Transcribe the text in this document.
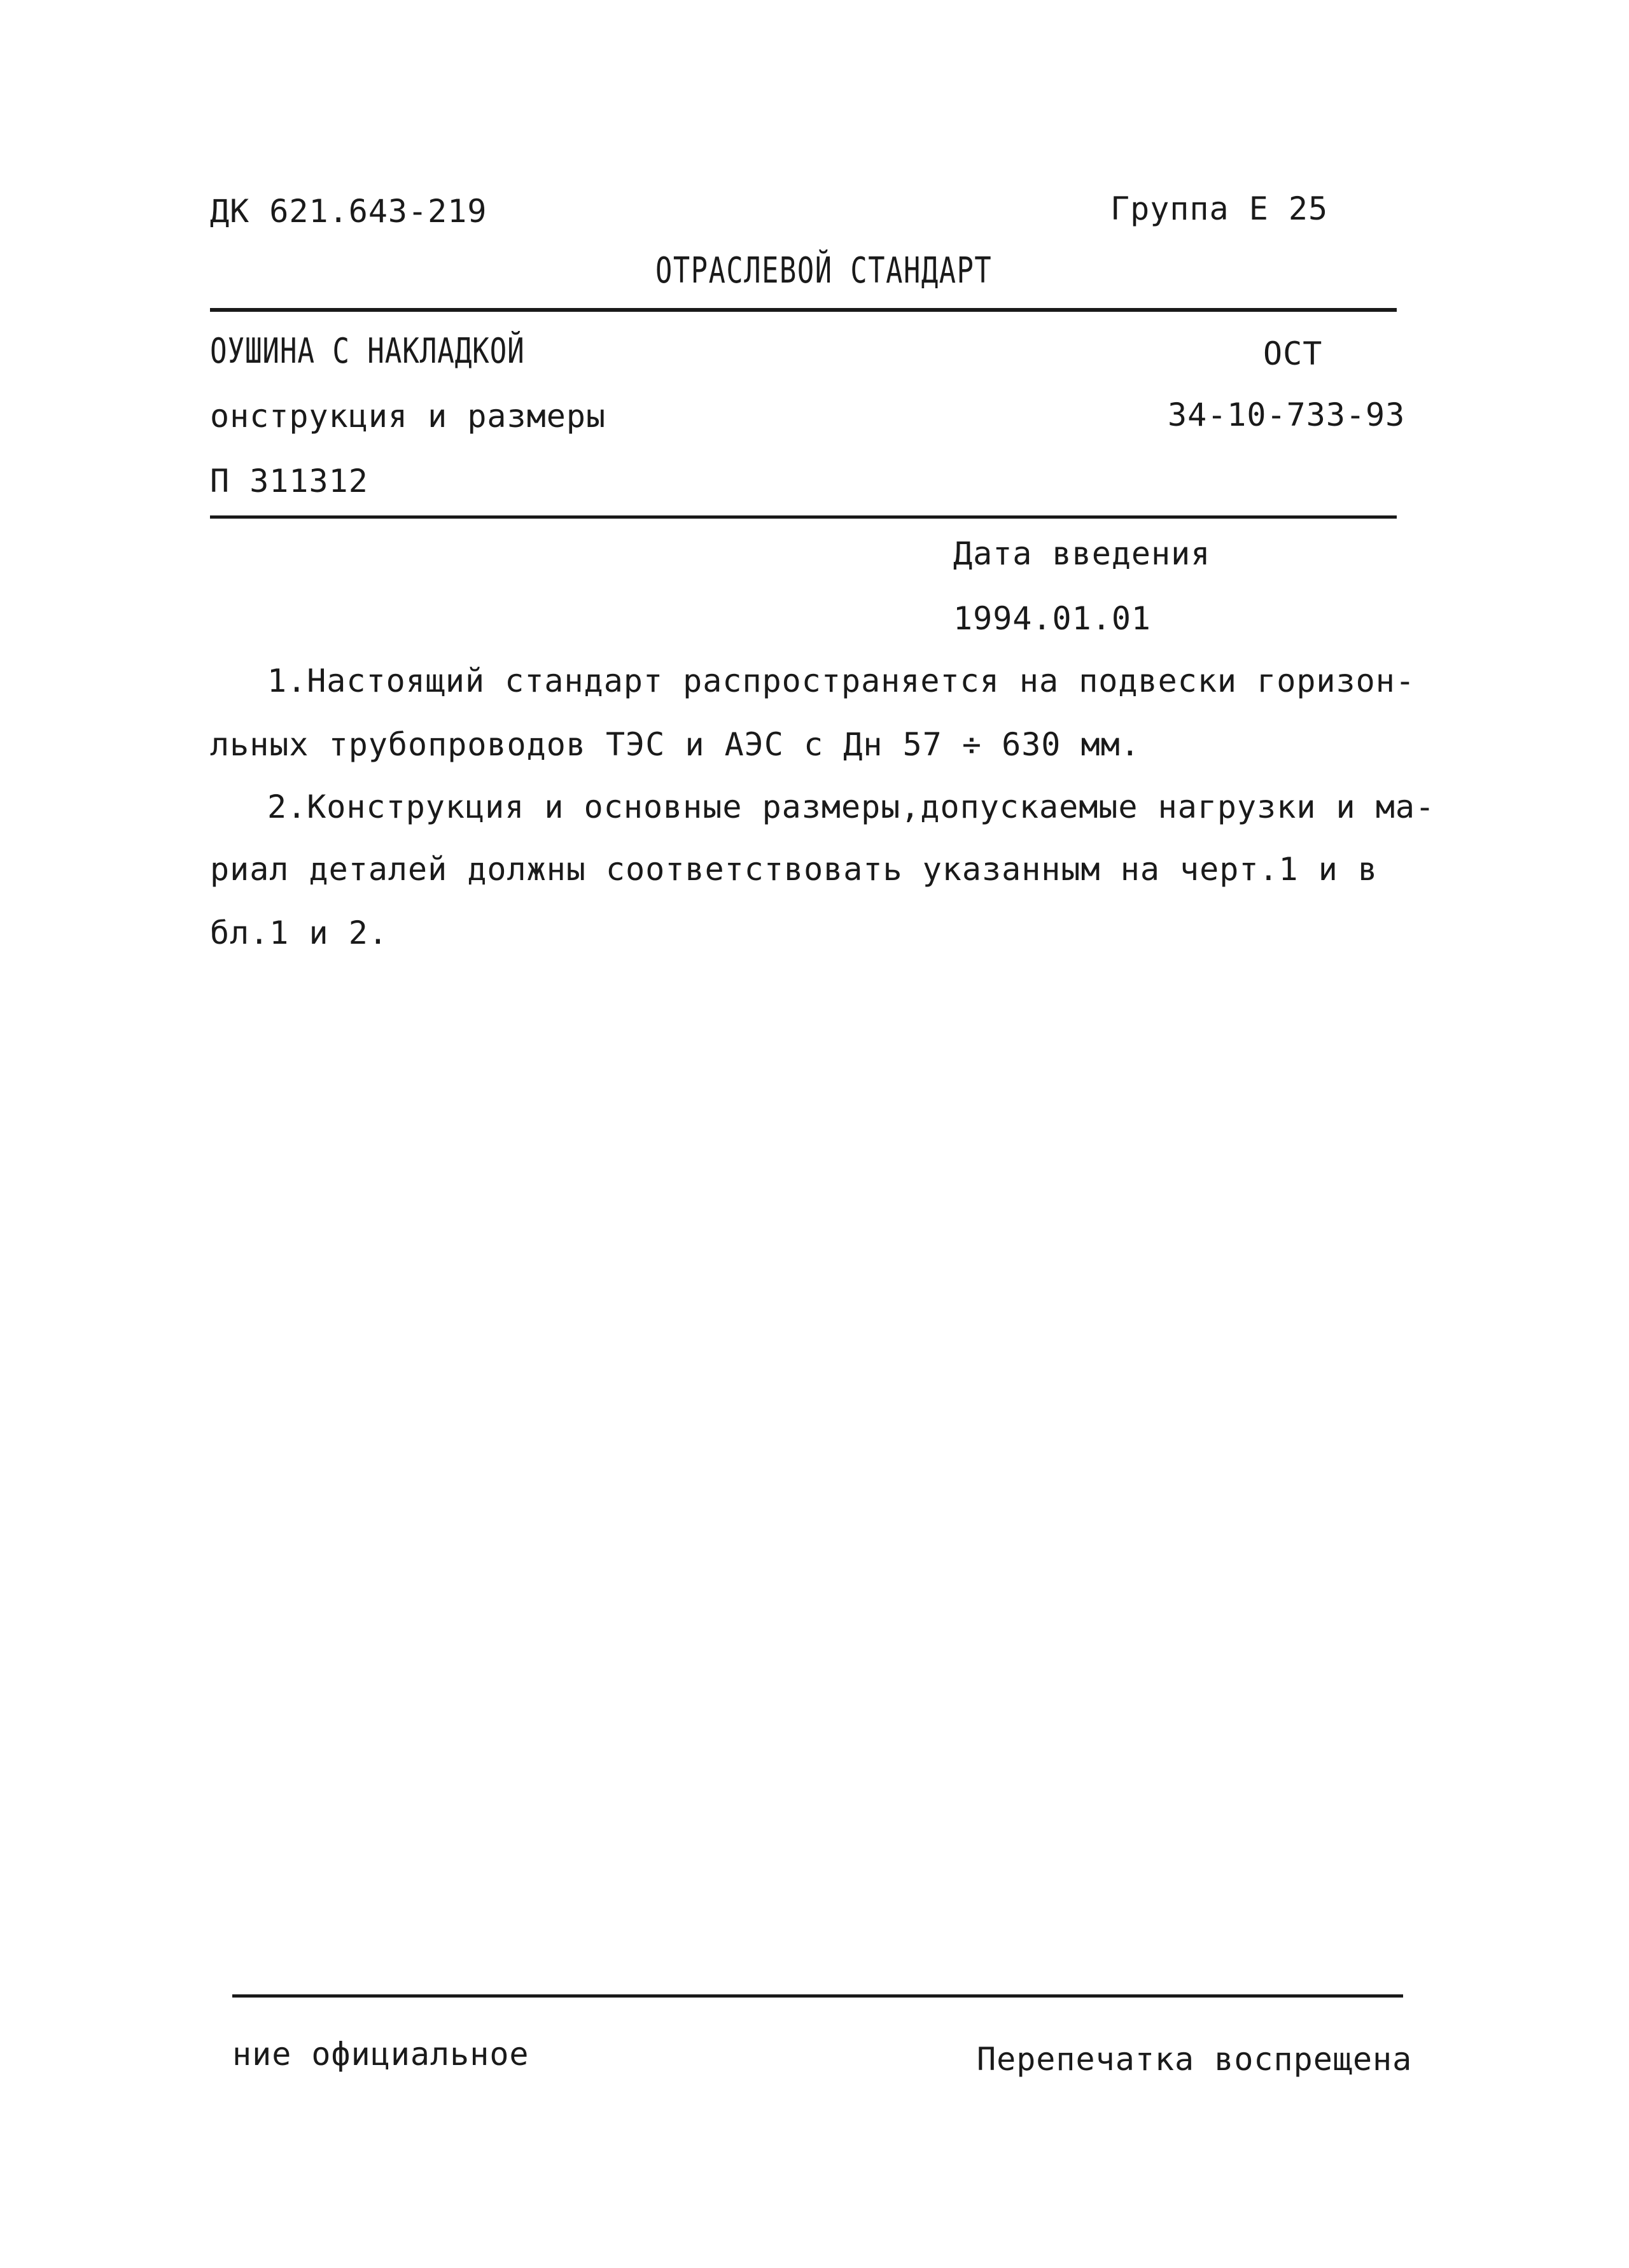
ДК 621.643-219	Группа Е 25
ОТРАСЛЕВОЙ СТАНДАРТ
ОУШИНА С НАКЛАДКОЙ	ОСТ
онструкция и размеры	34-10-733-93
П 311312
Дата введения
1994.01.01
1.Настоящий стандарт распространяется на подвески горизон-
льных трубопроводов ТЭС и АЭС с Дн 57 ÷ 630 мм.
2.Конструкция и основные размеры,допускаемые нагрузки и ма-
риал деталей должны соответствовать указанным на черт.1 и в
бл.1 и 2.
ние официальное	Перепечатка воспрещена
